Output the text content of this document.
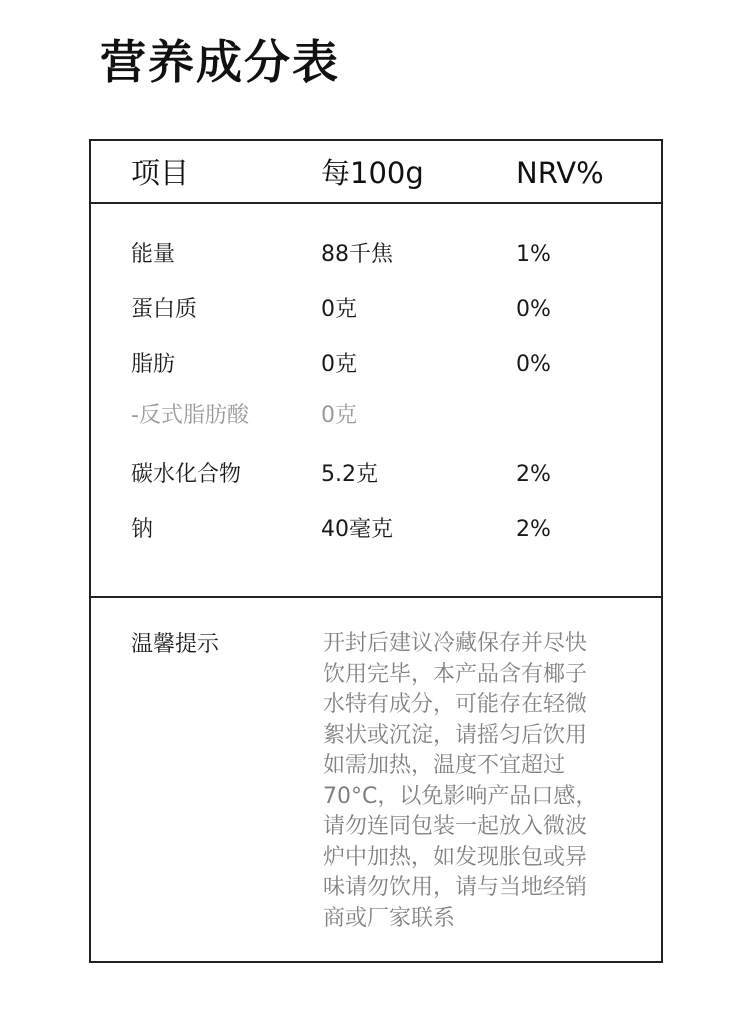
营养成分表
项目	每100g	NRV%
能量	88千焦	1%
蛋白质	0克	0%
脂肪	0克	0%
-反式脂肪酸	0克
碳水化合物	5.2克	2%
钠	40毫克	2%
温馨提示	开封后建议冷藏保存并尽快
饮用完毕，本产品含有椰子
水特有成分，可能存在轻微
絮状或沉淀，请摇匀后饮用
如需加热，温度不宜超过
70°C，以免影响产品口感，
请勿连同包装一起放入微波
炉中加热，如发现胀包或异
味请勿饮用，请与当地经销
商或厂家联系
